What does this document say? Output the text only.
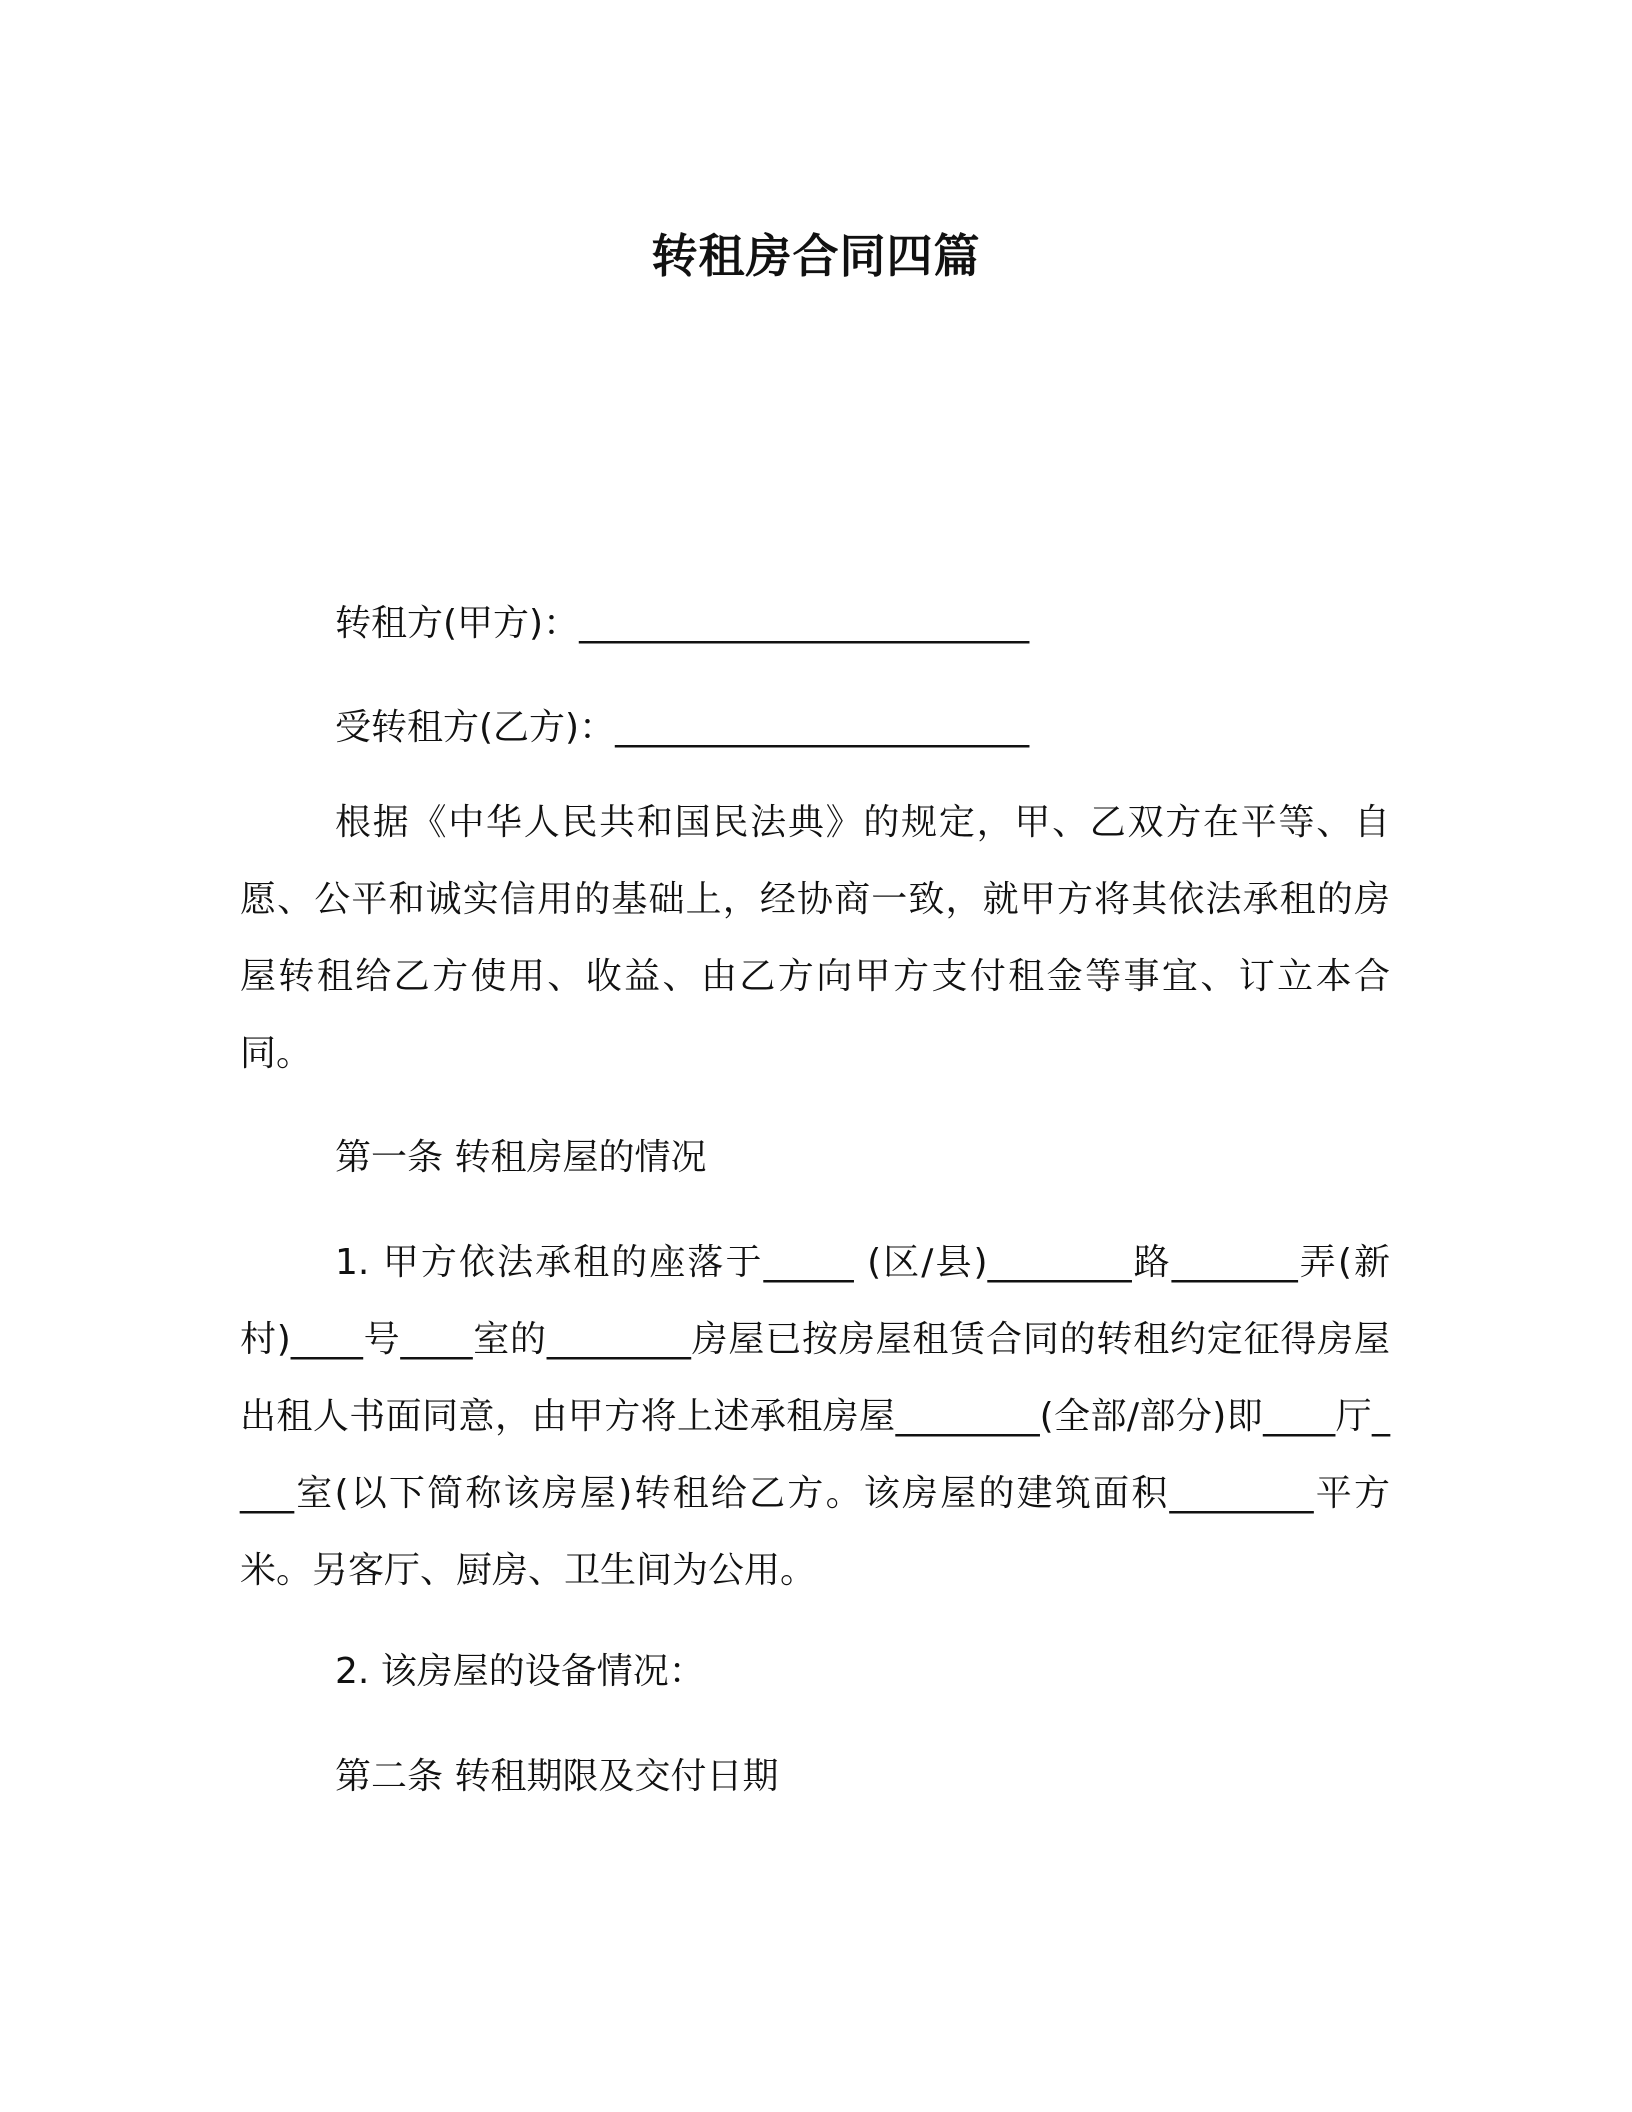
转租房合同四篇

转租方(甲方)：_________________________

受转租方(乙方)：_______________________

根据《中华人民共和国民法典》的规定，甲、乙双方在平等、自愿、公平和诚实信用的基础上，经协商一致，就甲方将其依法承租的房屋转租给乙方使用、收益、由乙方向甲方支付租金等事宜、订立本合同。

第一条 转租房屋的情况

1. 甲方依法承租的座落于_____ (区/县)________路_______弄(新村)____号____室的________房屋已按房屋租赁合同的转租约定征得房屋出租人书面同意，由甲方将上述承租房屋________(全部/部分)即____厅____室(以下简称该房屋)转租给乙方。该房屋的建筑面积________平方米。另客厅、厨房、卫生间为公用。

2. 该房屋的设备情况：

第二条 转租期限及交付日期
